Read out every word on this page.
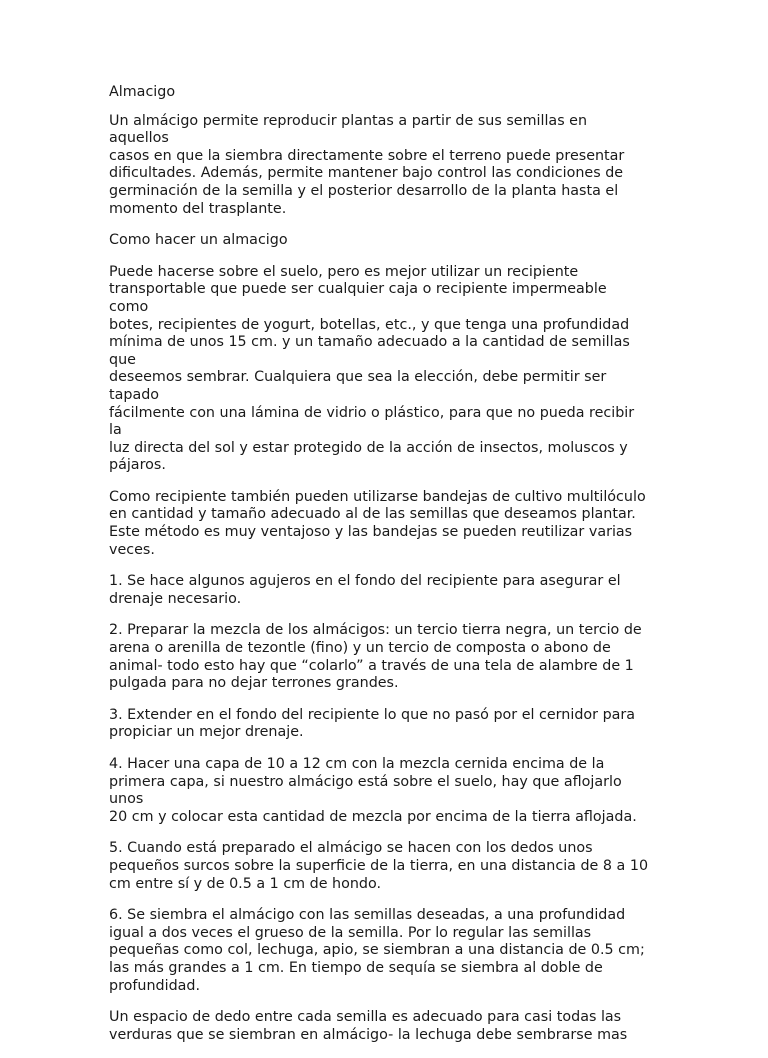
Almacigo

Un almácigo permite reproducir plantas a partir de sus semillas en aquellos
casos en que la siembra directamente sobre el terreno puede presentar
dificultades. Además, permite mantener bajo control las condiciones de
germinación de la semilla y el posterior desarrollo de la planta hasta el
momento del trasplante.

Como hacer un almacigo

Puede hacerse sobre el suelo, pero es mejor utilizar un recipiente
transportable que puede ser cualquier caja o recipiente impermeable como
botes, recipientes de yogurt, botellas, etc., y que tenga una profundidad
mínima de unos 15 cm. y un tamaño adecuado a la cantidad de semillas que
deseemos sembrar. Cualquiera que sea la elección, debe permitir ser tapado
fácilmente con una lámina de vidrio o plástico, para que no pueda recibir la
luz directa del sol y estar protegido de la acción de insectos, moluscos y
pájaros.

Como recipiente también pueden utilizarse bandejas de cultivo multilóculo
en cantidad y tamaño adecuado al de las semillas que deseamos plantar.
Este método es muy ventajoso y las bandejas se pueden reutilizar varias
veces.

1. Se hace algunos agujeros en el fondo del recipiente para asegurar el
drenaje necesario.

2. Preparar la mezcla de los almácigos: un tercio tierra negra, un tercio de
arena o arenilla de tezontle (fino) y un tercio de composta o abono de
animal- todo esto hay que “colarlo” a través de una tela de alambre de 1
pulgada para no dejar terrones grandes.

3. Extender en el fondo del recipiente lo que no pasó por el cernidor para
propiciar un mejor drenaje.

4. Hacer una capa de 10 a 12 cm con la mezcla cernida encima de la
primera capa, si nuestro almácigo está sobre el suelo, hay que aflojarlo unos
20 cm y colocar esta cantidad de mezcla por encima de la tierra aflojada.

5. Cuando está preparado el almácigo se hacen con los dedos unos
pequeños surcos sobre la superficie de la tierra, en una distancia de 8 a 10
cm entre sí y de 0.5 a 1 cm de hondo.

6. Se siembra el almácigo con las semillas deseadas, a una profundidad
igual a dos veces el grueso de la semilla. Por lo regular las semillas
pequeñas como col, lechuga, apio, se siembran a una distancia de 0.5 cm;
las más grandes a 1 cm. En tiempo de sequía se siembra al doble de
profundidad.

Un espacio de dedo entre cada semilla es adecuado para casi todas las
verduras que se siembran en almácigo- la lechuga debe sembrarse mas
